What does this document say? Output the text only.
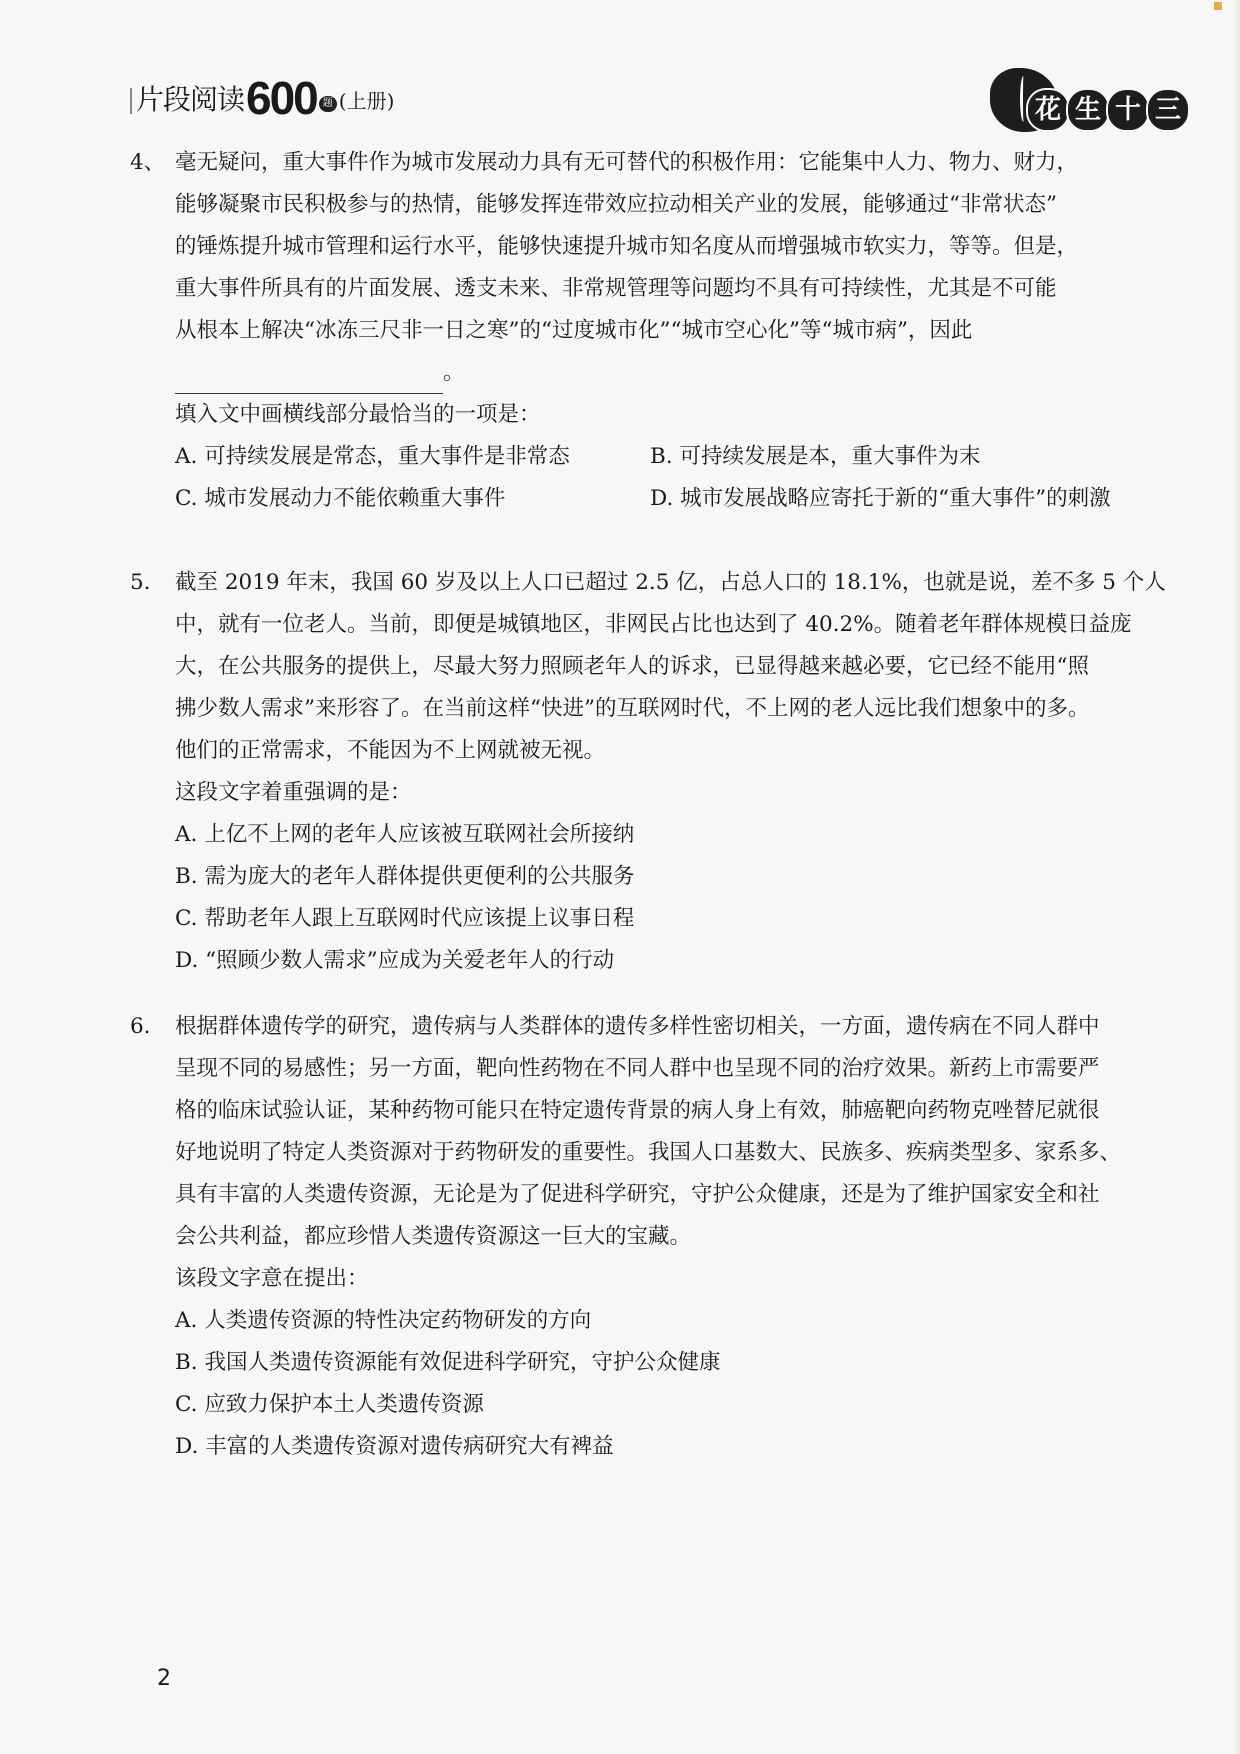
片段阅读 600 题 (上册)	花 生 十 三
4、 毫无疑问，重大事件作为城市发展动力具有无可替代的积极作用：它能集中人力、物力、财力，
能够凝聚市民积极参与的热情，能够发挥连带效应拉动相关产业的发展，能够通过“非常状态”
的锤炼提升城市管理和运行水平，能够快速提升城市知名度从而增强城市软实力，等等。但是，
重大事件所具有的片面发展、透支未来、非常规管理等问题均不具有可持续性，尤其是不可能
从根本上解决“冰冻三尺非一日之寒”的“过度城市化”“城市空心化”等“城市病”，因此
。
填入文中画横线部分最恰当的一项是：
A. 可持续发展是常态，重大事件是非常态	B. 可持续发展是本，重大事件为末
C. 城市发展动力不能依赖重大事件	D. 城市发展战略应寄托于新的“重大事件”的刺激
5. 截至 2019 年末，我国 60 岁及以上人口已超过 2.5 亿，占总人口的 18.1%，也就是说，差不多 5 个人
中，就有一位老人。当前，即便是城镇地区，非网民占比也达到了 40.2%。随着老年群体规模日益庞
大，在公共服务的提供上，尽最大努力照顾老年人的诉求，已显得越来越必要，它已经不能用“照
拂少数人需求”来形容了。在当前这样“快进”的互联网时代，不上网的老人远比我们想象中的多。
他们的正常需求，不能因为不上网就被无视。
这段文字着重强调的是：
A. 上亿不上网的老年人应该被互联网社会所接纳
B. 需为庞大的老年人群体提供更便利的公共服务
C. 帮助老年人跟上互联网时代应该提上议事日程
D. “照顾少数人需求”应成为关爱老年人的行动
6. 根据群体遗传学的研究，遗传病与人类群体的遗传多样性密切相关，一方面，遗传病在不同人群中
呈现不同的易感性；另一方面，靶向性药物在不同人群中也呈现不同的治疗效果。新药上市需要严
格的临床试验认证，某种药物可能只在特定遗传背景的病人身上有效，肺癌靶向药物克唑替尼就很
好地说明了特定人类资源对于药物研发的重要性。我国人口基数大、民族多、疾病类型多、家系多、
具有丰富的人类遗传资源，无论是为了促进科学研究，守护公众健康，还是为了维护国家安全和社
会公共利益，都应珍惜人类遗传资源这一巨大的宝藏。
该段文字意在提出：
A. 人类遗传资源的特性决定药物研发的方向
B. 我国人类遗传资源能有效促进科学研究，守护公众健康
C. 应致力保护本土人类遗传资源
D. 丰富的人类遗传资源对遗传病研究大有裨益
2
